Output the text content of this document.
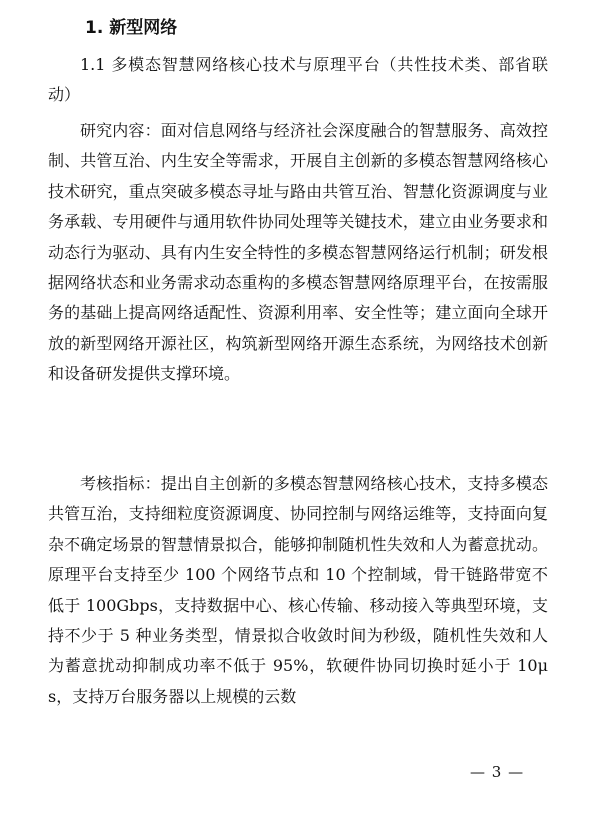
1. 新型网络

1.1 多模态智慧网络核心技术与原理平台（共性技术类、部省联动）

研究内容：面对信息网络与经济社会深度融合的智慧服务、高效控制、共管互治、内生安全等需求，开展自主创新的多模态智慧网络核心技术研究，重点突破多模态寻址与路由共管互治、智慧化资源调度与业务承载、专用硬件与通用软件协同处理等关键技术，建立由业务要求和动态行为驱动、具有内生安全特性的多模态智慧网络运行机制；研发根据网络状态和业务需求动态重构的多模态智慧网络原理平台，在按需服务的基础上提高网络适配性、资源利用率、安全性等；建立面向全球开放的新型网络开源社区，构筑新型网络开源生态系统，为网络技术创新和设备研发提供支撑环境。

考核指标：提出自主创新的多模态智慧网络核心技术，支持多模态共管互治，支持细粒度资源调度、协同控制与网络运维等，支持面向复杂不确定场景的智慧情景拟合，能够抑制随机性失效和人为蓄意扰动。原理平台支持至少 100 个网络节点和 10 个控制域，骨干链路带宽不低于 100Gbps，支持数据中心、核心传输、移动接入等典型环境，支持不少于 5 种业务类型，情景拟合收敛时间为秒级，随机性失效和人为蓄意扰动抑制成功率不低于 95%，软硬件协同切换时延小于 10μs，支持万台服务器以上规模的云数

— 3 —
